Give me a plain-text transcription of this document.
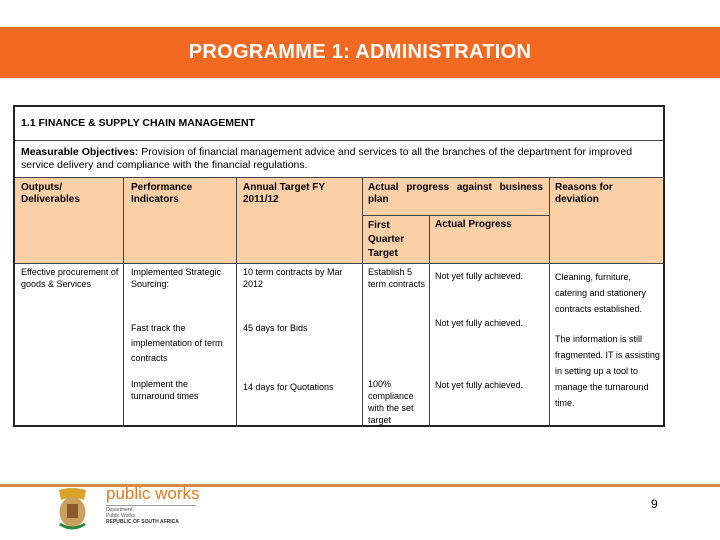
PROGRAMME 1: ADMINISTRATION
1.1 FINANCE & SUPPLY CHAIN MANAGEMENT
Measurable Objectives: Provision of financial management advice and services to all the branches of the department for improved service delivery and compliance with the financial regulations.
Outputs/ Deliverables
Performance Indicators
Annual Target FY 2011/12
Actual progress against business plan
Reasons for deviation
First Quarter Target
Actual Progress
Effective procurement of goods & Services
Implemented Strategic Sourcing:
10 term contracts by Mar 2012
Establish 5 term contracts
Not yet fully achieved.
Fast track the implementation of term contracts
45 days for Bids	Not yet fully achieved.
Implement the turnaround times
14 days for Quotations	100% compliance with the set target
Not yet fully achieved.
Cleaning, furniture, catering and stationery contracts established.
The information is still fragmented. IT is assisting in setting up a tool to manage the turnaround time.
public works
Department:
Public Works
REPUBLIC OF SOUTH AFRICA
9
